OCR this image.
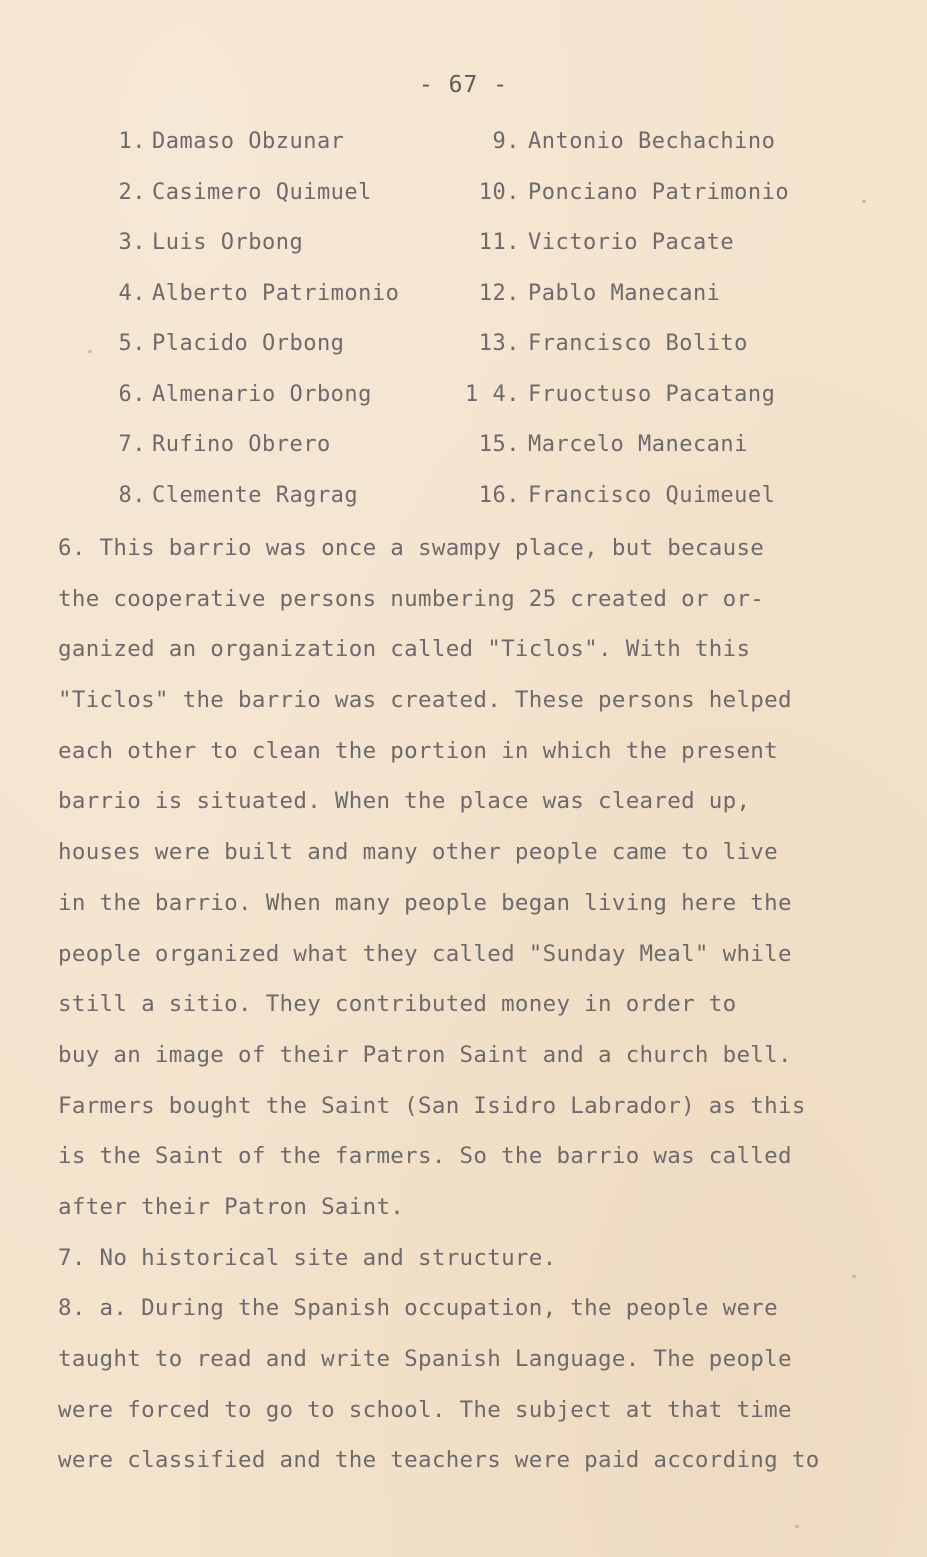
- 67 -
1. Damaso Obzunar
2. Casimero Quimuel
3. Luis Orbong
4. Alberto Patrimonio
5. Placido Orbong
6. Almenario Orbong
7. Rufino Obrero
8. Clemente Ragrag
9. Antonio Bechachino
10. Ponciano Patrimonio
11. Victorio Pacate
12. Pablo Manecani
13. Francisco Bolito
1 4. Fruoctuso Pacatang
15. Marcelo Manecani
16. Francisco Quimeuel
6. This barrio was once a swampy place, but because
the cooperative persons numbering 25 created or or-
ganized an organization called "Ticlos". With this
"Ticlos" the barrio was created. These persons helped
each other to clean the portion in which the present
barrio is situated. When the place was cleared up,
houses were built and many other people came to live
in the barrio. When many people began living here the
people organized what they called "Sunday Meal" while
still a sitio. They contributed money in order to
buy an image of their Patron Saint and a church bell.
Farmers bought the Saint (San Isidro Labrador) as this
is the Saint of the farmers. So the barrio was called
after their Patron Saint.
7. No historical site and structure.
8. a. During the Spanish occupation, the people were
taught to read and write Spanish Language. The people
were forced to go to school. The subject at that time
were classified and the teachers were paid according to
